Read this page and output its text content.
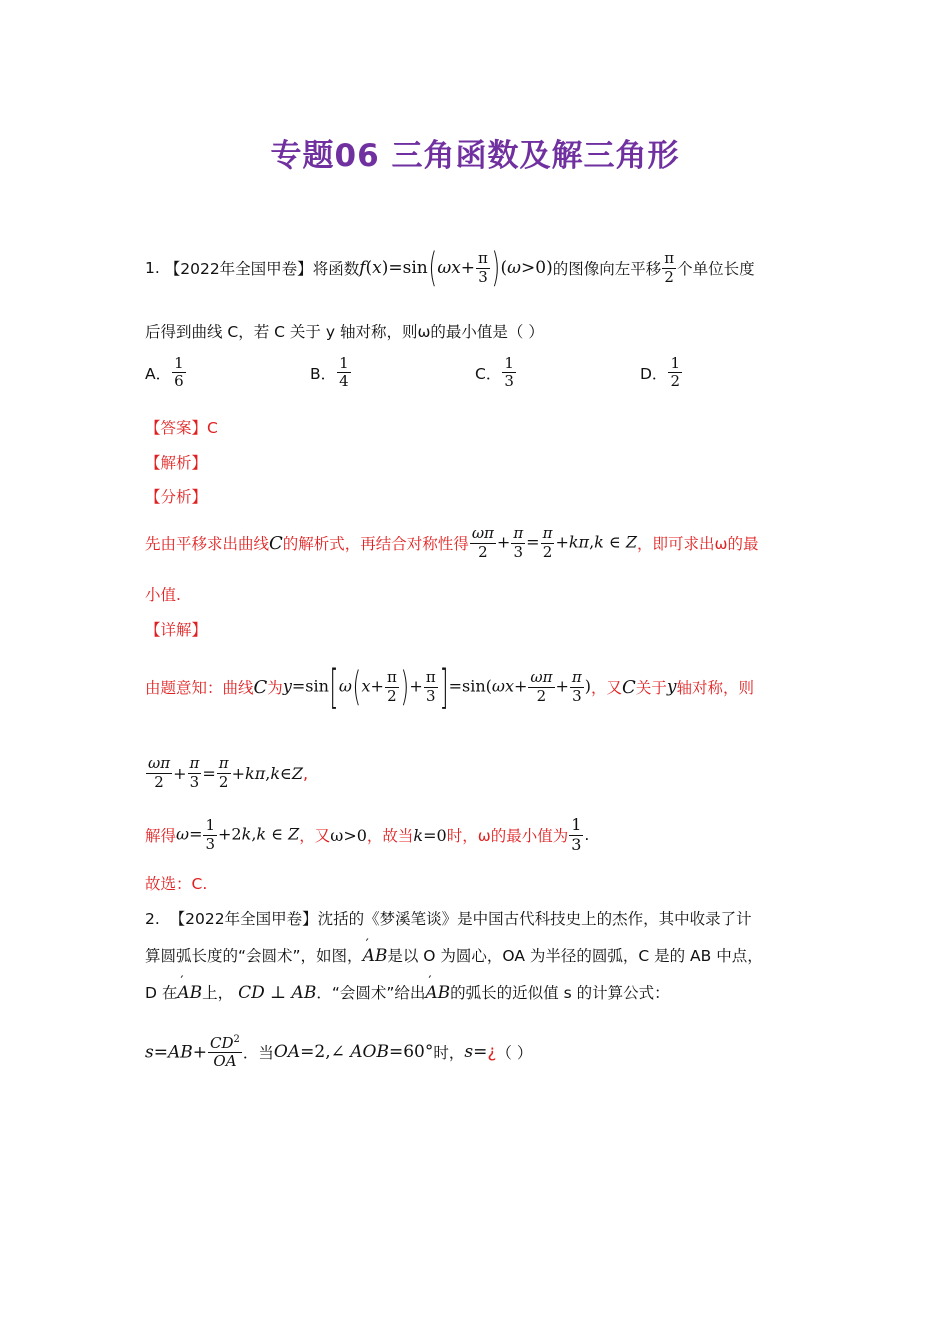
专题06 三角函数及解三角形
1.
【2022年全国甲卷】 将函数 $f(x)=\sin(\omega x+ \frac{\pi}{3} )(\omega>0)$ 的图像向左平移 $\frac{\pi}{2}$ 个单位长度
后得到曲线 C，若 C 关于 y 轴对称，则ω的最小值是（ ）
A． $\frac{1}{6}$	B． $\frac{1}{4}$	C． $\frac{1}{3}$	D． $\frac{1}{2}$
【答案】C
【解析】
【分析】
先由平移求出曲线 C 的解析式，再结合对称性得 $\frac{\omega\pi}{2} + \frac{\pi}{3} = \frac{\pi}{2} +k\pi,k$ ∈ Z ，即可求出ω的最
小值.
【详解】
由题意知：曲线 C 为 $y=\sin[\omega(x+ \frac{\pi}{2}$ )+ $\frac{\pi}{3} ]=\sin(\omega x+ \frac{\omega\pi}{2} + \frac{\pi}{3}$ ) ，又 C 关于 y 轴对称，则
$\frac{\omega\pi}{2} + \frac{\pi}{3} = \frac{\pi}{2} + k\pi$ , k ∈ Z ,
解得 $\omega= \frac{1}{3} +2k,k$ ∈ Z ，又 ω>0 ，故当 k=0 时，ω的最小值为 $\frac{1}{3}$ .
故选：C.
2. 【2022年全国甲卷】沈括的《梦溪笔谈》是中国古代科技史上的杰作，其中收录了计
算圆弧长度的“会圆术”，如图，′ AB是以 O 为圆心，OA 为半径的圆弧，C 是的 AB 中点，
D 在′ AB上， CD ⊥ AB．“会圆术”给出′ AB的弧长的近似值 s 的计算公式：
$s=AB+ \frac{CD^2}{OA}$ ．当 OA=2,∠ AOB=60° 时， s=¿ （ ）
